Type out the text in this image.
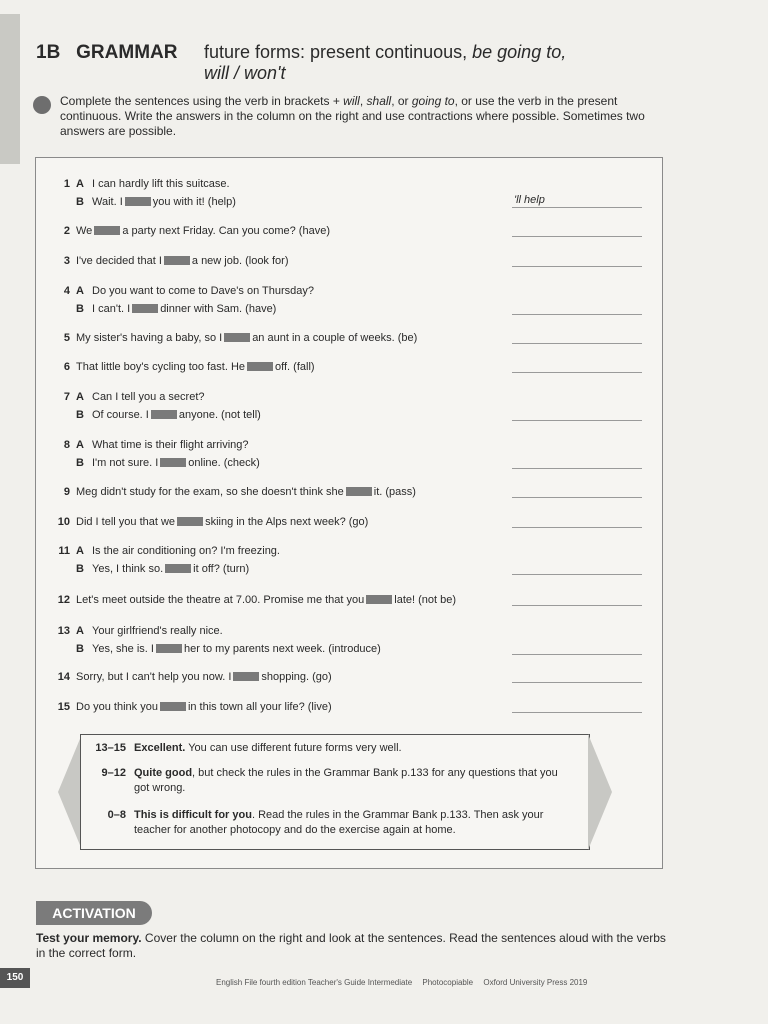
1B GRAMMAR future forms: present continuous, be going to,
will / won't
Complete the sentences using the verb in brackets + will, shall, or going to, or use the verb in the present continuous. Write the answers in the column on the right and use contractions where possible. Sometimes two answers are possible.
1 A I can hardly lift this suitcase.
B Wait. I	you with it! (help)	'll help
2 We	a party next Friday. Can you come? (have)
3 I've decided that I	a new job. (look for)
4 A Do you want to come to Dave's on Thursday?
B I can't. I	dinner with Sam. (have)
5 My sister's having a baby, so I	an aunt in a couple of weeks. (be)
6 That little boy's cycling too fast. He	off. (fall)
7 A Can I tell you a secret?
B Of course. I	anyone. (not tell)
8 A What time is their flight arriving?
B I'm not sure. I	online. (check)
9 Meg didn't study for the exam, so she doesn't think she	it. (pass)
10 Did I tell you that we	skiing in the Alps next week? (go)
11 A Is the air conditioning on? I'm freezing.
B Yes, I think so.	it off? (turn)
12 Let's meet outside the theatre at 7.00. Promise me that you	late! (not be)
13 A Your girlfriend's really nice.
B Yes, she is. I	her to my parents next week. (introduce)
14 Sorry, but I can't help you now. I	shopping. (go)
15 Do you think you	in this town all your life? (live)
13–15 Excellent. You can use different future forms very well.
9–12 Quite good, but check the rules in the Grammar Bank p.133 for any questions that you got wrong.
0–8 This is difficult for you. Read the rules in the Grammar Bank p.133. Then ask your teacher for another photocopy and do the exercise again at home.
ACTIVATION
Test your memory. Cover the column on the right and look at the sentences. Read the sentences aloud with the verbs in the correct form.
150	English File fourth edition Teacher's Guide Intermediate Photocopiable Oxford University Press 2019
